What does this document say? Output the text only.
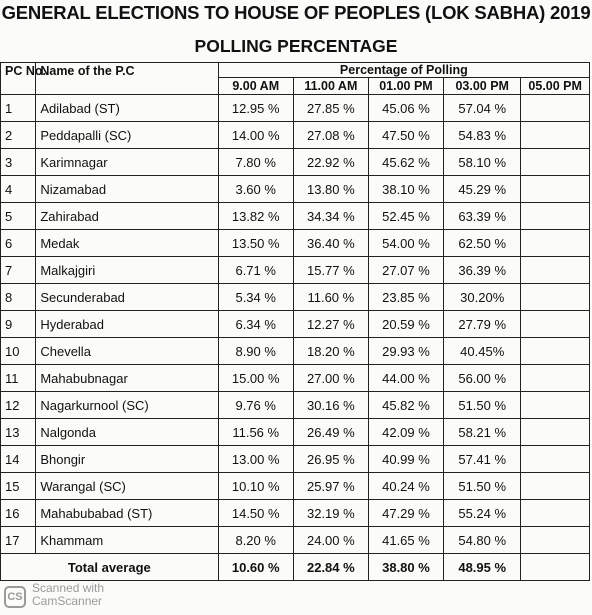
GENERAL ELECTIONS TO HOUSE OF PEOPLES (LOK SABHA) 2019
POLLING PERCENTAGE
PC No.	Name of the P.C	Percentage of Polling				
		9.00 AM	11.00 AM	01.00 PM	03.00 PM	05.00 PM
1	Adilabad (ST)	12.95 %	27.85 %	45.06 %	57.04 %	
2	Peddapalli (SC)	14.00 %	27.08 %	47.50 %	54.83 %	
3	Karimnagar	7.80 %	22.92 %	45.62 %	58.10 %	
4	Nizamabad	3.60 %	13.80 %	38.10 %	45.29 %	
5	Zahirabad	13.82 %	34.34 %	52.45 %	63.39 %	
6	Medak	13.50 %	36.40 %	54.00 %	62.50 %	
7	Malkajgiri	6.71 %	15.77 %	27.07 %	36.39 %	
8	Secunderabad	5.34 %	11.60 %	23.85 %	30.20%	
9	Hyderabad	6.34 %	12.27 %	20.59 %	27.79 %	
10	Chevella	8.90 %	18.20 %	29.93 %	40.45%	
11	Mahabubnagar	15.00 %	27.00 %	44.00 %	56.00 %	
12	Nagarkurnool (SC)	9.76 %	30.16 %	45.82 %	51.50 %	
13	Nalgonda	11.56 %	26.49 %	42.09 %	58.21 %	
14	Bhongir	13.00 %	26.95 %	40.99 %	57.41 %	
15	Warangal (SC)	10.10 %	25.97 %	40.24 %	51.50 %	
16	Mahabubabad (ST)	14.50 %	32.19 %	47.29 %	55.24 %	
17	Khammam	8.20 %	24.00 %	41.65 %	54.80 %	
Total average		10.60 %	22.84 %	38.80 %	48.95 %	
CS
Scanned with
CamScanner
